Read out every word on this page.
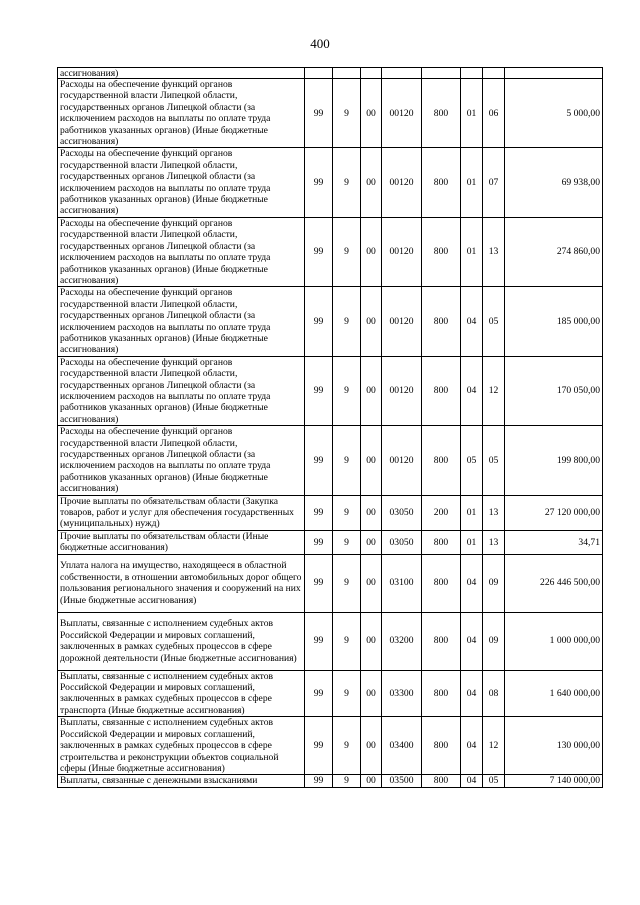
400
ассигнования)								
Расходы на обеспечение функций органов государственной власти Липецкой области, государственных органов Липецкой области (за исключением расходов на выплаты по оплате труда работников указанных органов) (Иные бюджетные ассигнования)	99	9	00	00120	800	01	06	5 000,00
Расходы на обеспечение функций органов государственной власти Липецкой области, государственных органов Липецкой области (за исключением расходов на выплаты по оплате труда работников указанных органов) (Иные бюджетные ассигнования)	99	9	00	00120	800	01	07	69 938,00
Расходы на обеспечение функций органов государственной власти Липецкой области, государственных органов Липецкой области (за исключением расходов на выплаты по оплате труда работников указанных органов) (Иные бюджетные ассигнования)	99	9	00	00120	800	01	13	274 860,00
Расходы на обеспечение функций органов государственной власти Липецкой области, государственных органов Липецкой области (за исключением расходов на выплаты по оплате труда работников указанных органов) (Иные бюджетные ассигнования)	99	9	00	00120	800	04	05	185 000,00
Расходы на обеспечение функций органов государственной власти Липецкой области, государственных органов Липецкой области (за исключением расходов на выплаты по оплате труда работников указанных органов) (Иные бюджетные ассигнования)	99	9	00	00120	800	04	12	170 050,00
Расходы на обеспечение функций органов государственной власти Липецкой области, государственных органов Липецкой области (за исключением расходов на выплаты по оплате труда работников указанных органов) (Иные бюджетные ассигнования)	99	9	00	00120	800	05	05	199 800,00
Прочие выплаты по обязательствам области (Закупка товаров, работ и услуг для обеспечения государственных (муниципальных) нужд)	99	9	00	03050	200	01	13	27 120 000,00
Прочие выплаты по обязательствам области (Иные бюджетные ассигнования)	99	9	00	03050	800	01	13	34,71
Уплата налога на имущество, находящееся в областной собственности, в отношении автомобильных дорог общего пользования регионального значения и сооружений на них (Иные бюджетные ассигнования)	99	9	00	03100	800	04	09	226 446 500,00
Выплаты, связанные с исполнением судебных актов Российской Федерации и мировых соглашений, заключенных в рамках судебных процессов в сфере дорожной деятельности (Иные бюджетные ассигнования)	99	9	00	03200	800	04	09	1 000 000,00
Выплаты, связанные с исполнением судебных актов Российской Федерации и мировых соглашений, заключенных в рамках судебных процессов в сфере транспорта (Иные бюджетные ассигнования)	99	9	00	03300	800	04	08	1 640 000,00
Выплаты, связанные с исполнением судебных актов Российской Федерации и мировых соглашений, заключенных в рамках судебных процессов в сфере строительства и реконструкции объектов социальной сферы (Иные бюджетные ассигнования)	99	9	00	03400	800	04	12	130 000,00
Выплаты, связанные с денежными взысканиями	99	9	00	03500	800	04	05	7 140 000,00
